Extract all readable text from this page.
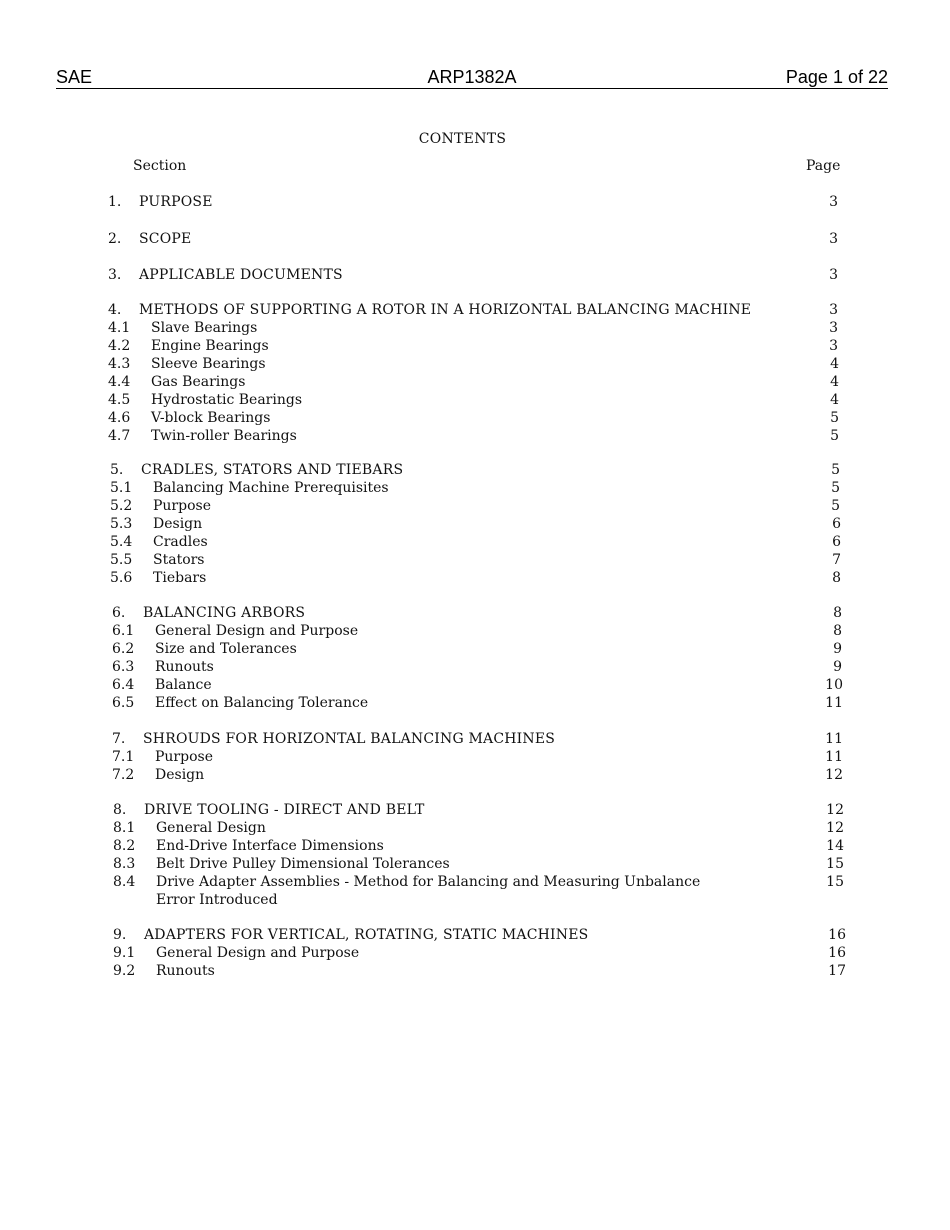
SAE	ARP1382A	Page 1 of 22
CONTENTS
Section	Page
1. PURPOSE	3
2. SCOPE	3
3. APPLICABLE DOCUMENTS	3
4. METHODS OF SUPPORTING A ROTOR IN A HORIZONTAL BALANCING MACHINE	3
4.1 Slave Bearings	3
4.2 Engine Bearings	3
4.3 Sleeve Bearings	4
4.4 Gas Bearings	4
4.5 Hydrostatic Bearings	4
4.6 V-block Bearings	5
4.7 Twin-roller Bearings	5
5. CRADLES, STATORS AND TIEBARS	5
5.1 Balancing Machine Prerequisites	5
5.2 Purpose	5
5.3 Design	6
5.4 Cradles	6
5.5 Stators	7
5.6 Tiebars	8
6. BALANCING ARBORS	8
6.1 General Design and Purpose	8
6.2 Size and Tolerances	9
6.3 Runouts	9
6.4 Balance	10
6.5 Effect on Balancing Tolerance	11
7. SHROUDS FOR HORIZONTAL BALANCING MACHINES	11
7.1 Purpose	11
7.2 Design	12
8. DRIVE TOOLING - DIRECT AND BELT	12
8.1 General Design	12
8.2 End-Drive Interface Dimensions	14
8.3 Belt Drive Pulley Dimensional Tolerances	15
8.4 Drive Adapter Assemblies - Method for Balancing and Measuring Unbalance	15
Error Introduced
9. ADAPTERS FOR VERTICAL, ROTATING, STATIC MACHINES	16
9.1 General Design and Purpose	16
9.2 Runouts	17
